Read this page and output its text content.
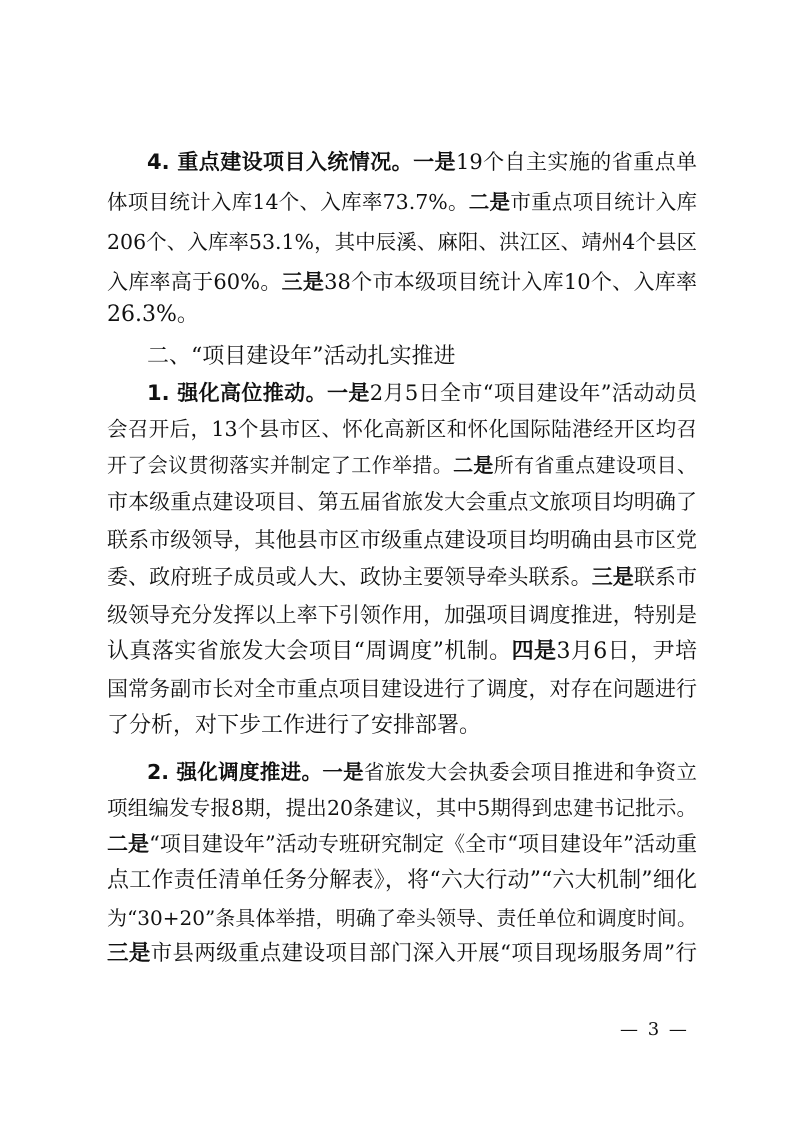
4. 重点建设项目入统情况。一是19个自主实施的省重点单
体项目统计入库14个、入库率73.7%。二是市重点项目统计入库
206个、入库率53.1%，其中辰溪、麻阳、洪江区、靖州4个县区
入库率高于60%。三是38个市本级项目统计入库10个、入库率
26.3%。
二、“项目建设年”活动扎实推进
1. 强化高位推动。一是2月5日全市“项目建设年”活动动员
会召开后，13个县市区、怀化高新区和怀化国际陆港经开区均召
开了会议贯彻落实并制定了工作举措。二是所有省重点建设项目、
市本级重点建设项目、第五届省旅发大会重点文旅项目均明确了
联系市级领导，其他县市区市级重点建设项目均明确由县市区党
委、政府班子成员或人大、政协主要领导牵头联系。三是联系市
级领导充分发挥以上率下引领作用，加强项目调度推进，特别是
认真落实省旅发大会项目“周调度”机制。四是3月6日，尹培
国常务副市长对全市重点项目建设进行了调度，对存在问题进行
了分析，对下步工作进行了安排部署。
2. 强化调度推进。一是省旅发大会执委会项目推进和争资立
项组编发专报8期，提出20条建议，其中5期得到忠建书记批示。
二是“项目建设年”活动专班研究制定《全市“项目建设年”活动重
点工作责任清单任务分解表》，将“六大行动”“六大机制”细化
为“30+20”条具体举措，明确了牵头领导、责任单位和调度时间。
三是市县两级重点建设项目部门深入开展“项目现场服务周”行
— 3 —
